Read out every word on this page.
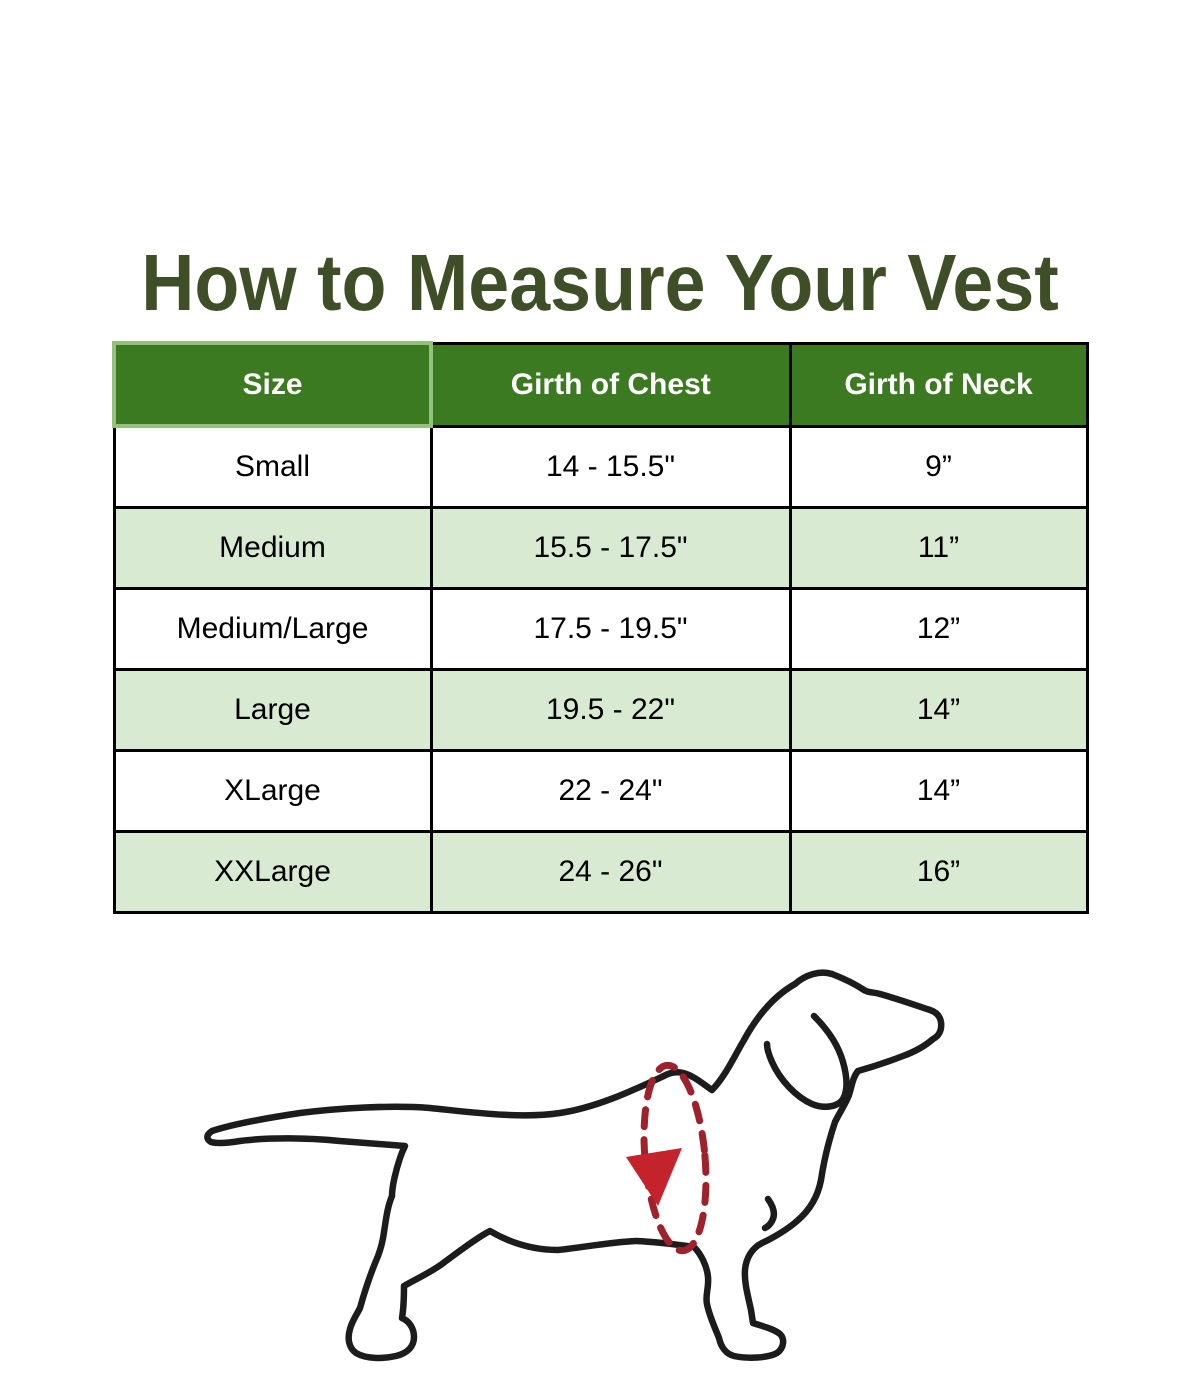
How to Measure Your Vest
Size	Girth of Chest	Girth of Neck
Small	14 - 15.5"	9”
Medium	15.5 - 17.5"	11”
Medium/Large	17.5 - 19.5"	12”
Large	19.5 - 22"	14”
XLarge	22 - 24"	14”
XXLarge	24 - 26"	16”
